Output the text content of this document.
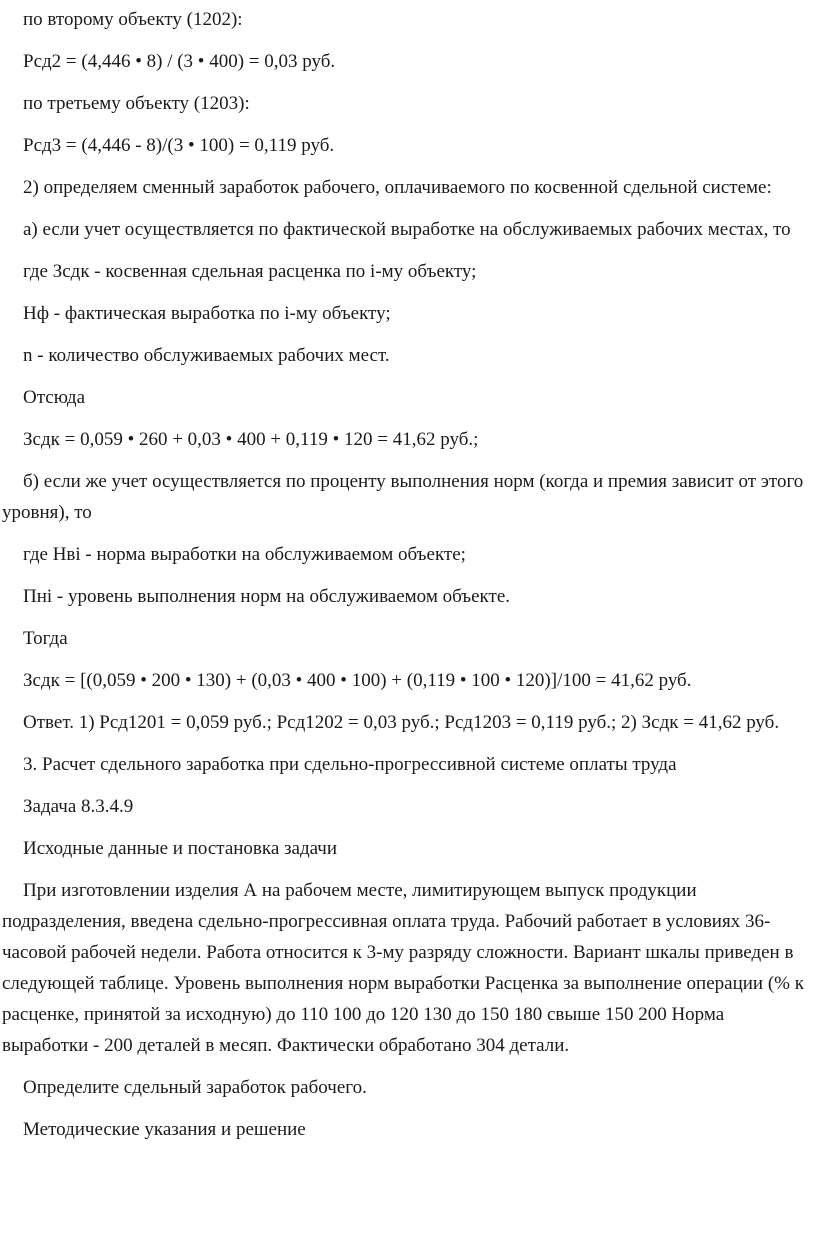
по второму объекту (1202):

Рсд2 = (4,446 • 8) / (3 • 400) = 0,03 руб.

по третьему объекту (1203):

Рсд3 = (4,446 - 8)/(3 • 100) = 0,119 руб.

2) определяем сменный заработок рабочего, оплачиваемого по косвенной сдельной системе:

а) если учет осуществляется по фактической выработке на обслуживаемых рабочих местах, то

где Зсдк - косвенная сдельная расценка по i-му объекту;

Нф - фактическая выработка по i-му объекту;

n - количество обслуживаемых рабочих мест.

Отсюда

Зсдк = 0,059 • 260 + 0,03 • 400 + 0,119 • 120 = 41,62 руб.;

б) если же учет осуществляется по проценту выполнения норм (когда и премия зависит от этого уровня), то

где Нвi - норма выработки на обслуживаемом объекте;

Пнi - уровень выполнения норм на обслуживаемом объекте.

Тогда

Зсдк = [(0,059 • 200 • 130) + (0,03 • 400 • 100) + (0,119 • 100 • 120)]/100 = 41,62 руб.

Ответ. 1) Рсд1201 = 0,059 руб.; Рсд1202 = 0,03 руб.; Рсд1203 = 0,119 руб.; 2) Зсдк = 41,62 руб.

3. Расчет сдельного заработка при сдельно-прогрессивной системе оплаты труда

Задача 8.3.4.9

Исходные данные и постановка задачи

При изготовлении изделия А на рабочем месте, лимитирующем выпуск продукции подразделения, введена сдельно-прогрессивная оплата труда. Рабочий работает в условиях 36-часовой рабочей недели. Работа относится к 3-му разряду сложности. Вариант шкалы приведен в следующей таблице. Уровень выполнения норм выработки Расценка за выполнение операции (% к расценке, принятой за исходную) до 110 100 до 120 130 до 150 180 свыше 150 200 Норма выработки - 200 деталей в месяп. Фактически обработано 304 детали.

Определите сдельный заработок рабочего.

Методические указания и решение
